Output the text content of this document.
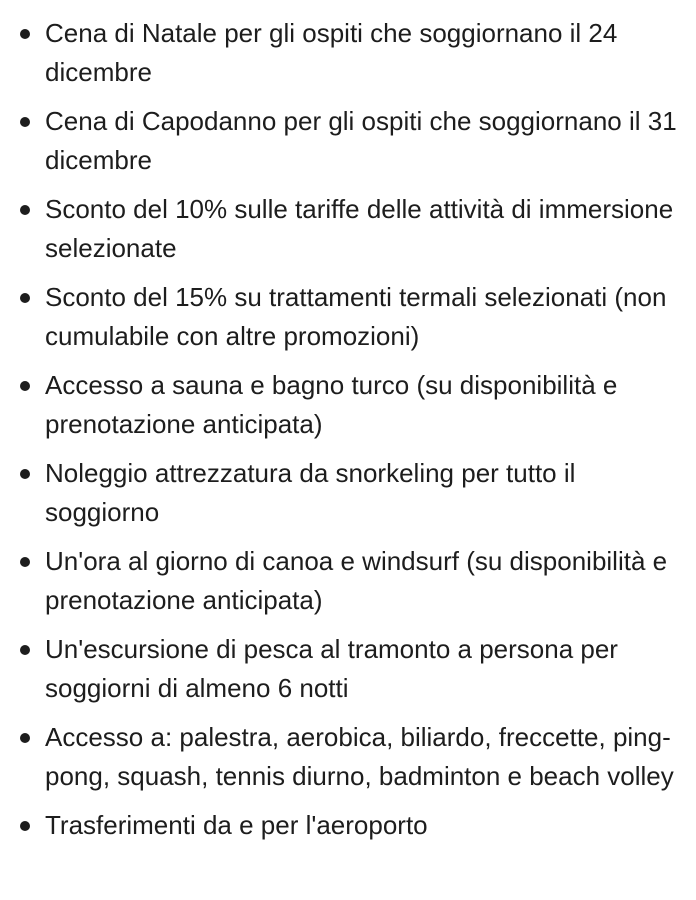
Cena di Natale per gli ospiti che soggiornano il 24 dicembre
Cena di Capodanno per gli ospiti che soggiornano il 31 dicembre
Sconto del 10% sulle tariffe delle attività di immersione selezionate
Sconto del 15% su trattamenti termali selezionati (non cumulabile con altre promozioni)
Accesso a sauna e bagno turco (su disponibilità e prenotazione anticipata)
Noleggio attrezzatura da snorkeling per tutto il soggiorno
Un'ora al giorno di canoa e windsurf (su disponibilità e prenotazione anticipata)
Un'escursione di pesca al tramonto a persona per soggiorni di almeno 6 notti
Accesso a: palestra, aerobica, biliardo, freccette, ping-pong, squash, tennis diurno, badminton e beach volley
Trasferimenti da e per l'aeroporto
